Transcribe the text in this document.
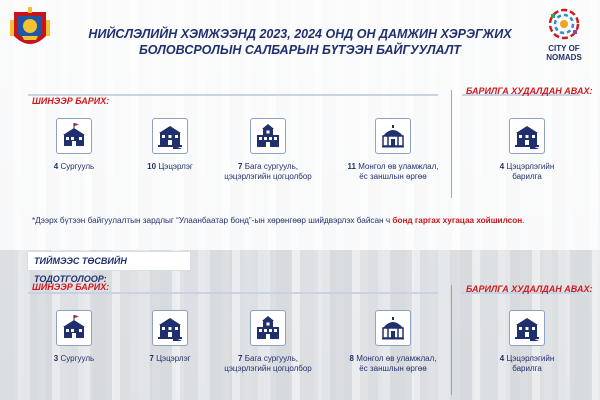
CITY OF NOMADS
НИЙСЛЭЛИЙН ХЭМЖЭЭНД 2023, 2024 ОНД ОН ДАМЖИН ХЭРЭГЖИХ
БОЛОВСРОЛЫН САЛБАРЫН БҮТЭЭН БАЙГУУЛАЛТ
ШИНЭЭР БАРИХ:
БАРИЛГА ХУДАЛДАН АВАХ:
4 Сургууль	10 Цэцэрлэг	7 Бага сургууль,
цэцэрлэгийн цогцолбор
11 Монгол өв уламжлал,
ёс заншлын өргөө
4 Цэцэрлэгийн
барилга
*Дээрх бүтээн байгуулалтын зардлыг “Улаанбаатар бонд”-ын хөрөнгөөр шийдвэрлэх байсан ч бонд гаргах хугацаа хойшилсон.
ТИЙМЭЭС ТӨСВИЙН ТОДОТГОЛООР:
ШИНЭЭР БАРИХ:	БАРИЛГА ХУДАЛДАН АВАХ:
3 Сургууль	7 Цэцэрлэг	7 Бага сургууль,
цэцэрлэгийн цогцолбор
8 Монгол өв уламжлал,
ёс заншлын өргөө
4 Цэцэрлэгийн
барилга
